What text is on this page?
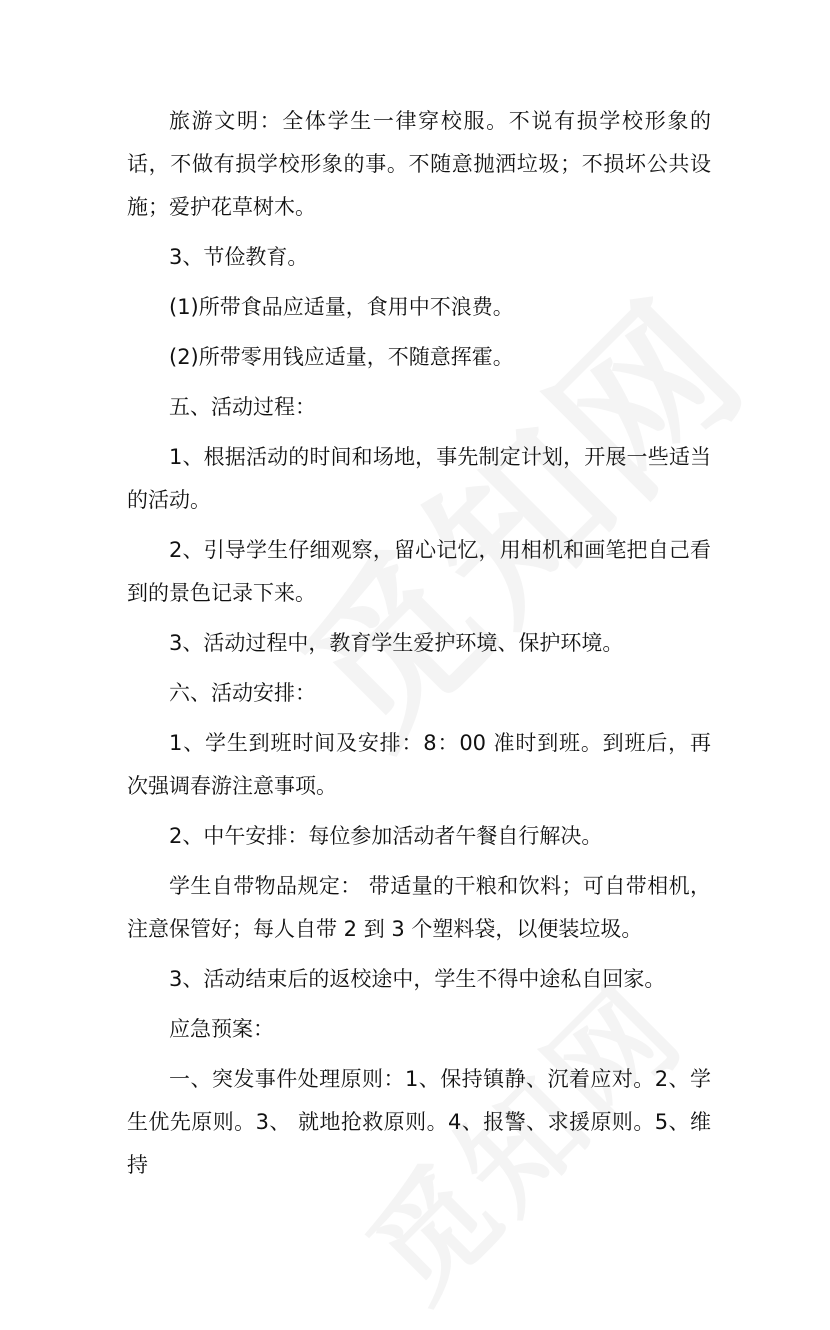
旅游文明：全体学生一律穿校服。不说有损学校形象的话，不做有损学校形象的事。不随意抛洒垃圾；不损坏公共设施；爱护花草树木。

3、节俭教育。

(1)所带食品应适量，食用中不浪费。

(2)所带零用钱应适量，不随意挥霍。

五、活动过程：

1、根据活动的时间和场地，事先制定计划，开展一些适当的活动。

2、引导学生仔细观察，留心记忆，用相机和画笔把自己看到的景色记录下来。

3、活动过程中，教育学生爱护环境、保护环境。

六、活动安排：

1、学生到班时间及安排：8：00 准时到班。到班后，再次强调春游注意事项。

2、中午安排：每位参加活动者午餐自行解决。

学生自带物品规定： 带适量的干粮和饮料；可自带相机，注意保管好；每人自带 2 到 3 个塑料袋，以便装垃圾。

3、活动结束后的返校途中，学生不得中途私自回家。

应急预案：

一、突发事件处理原则：1、保持镇静、沉着应对。2、学生优先原则。3、 就地抢救原则。4、报警、求援原则。5、维持
